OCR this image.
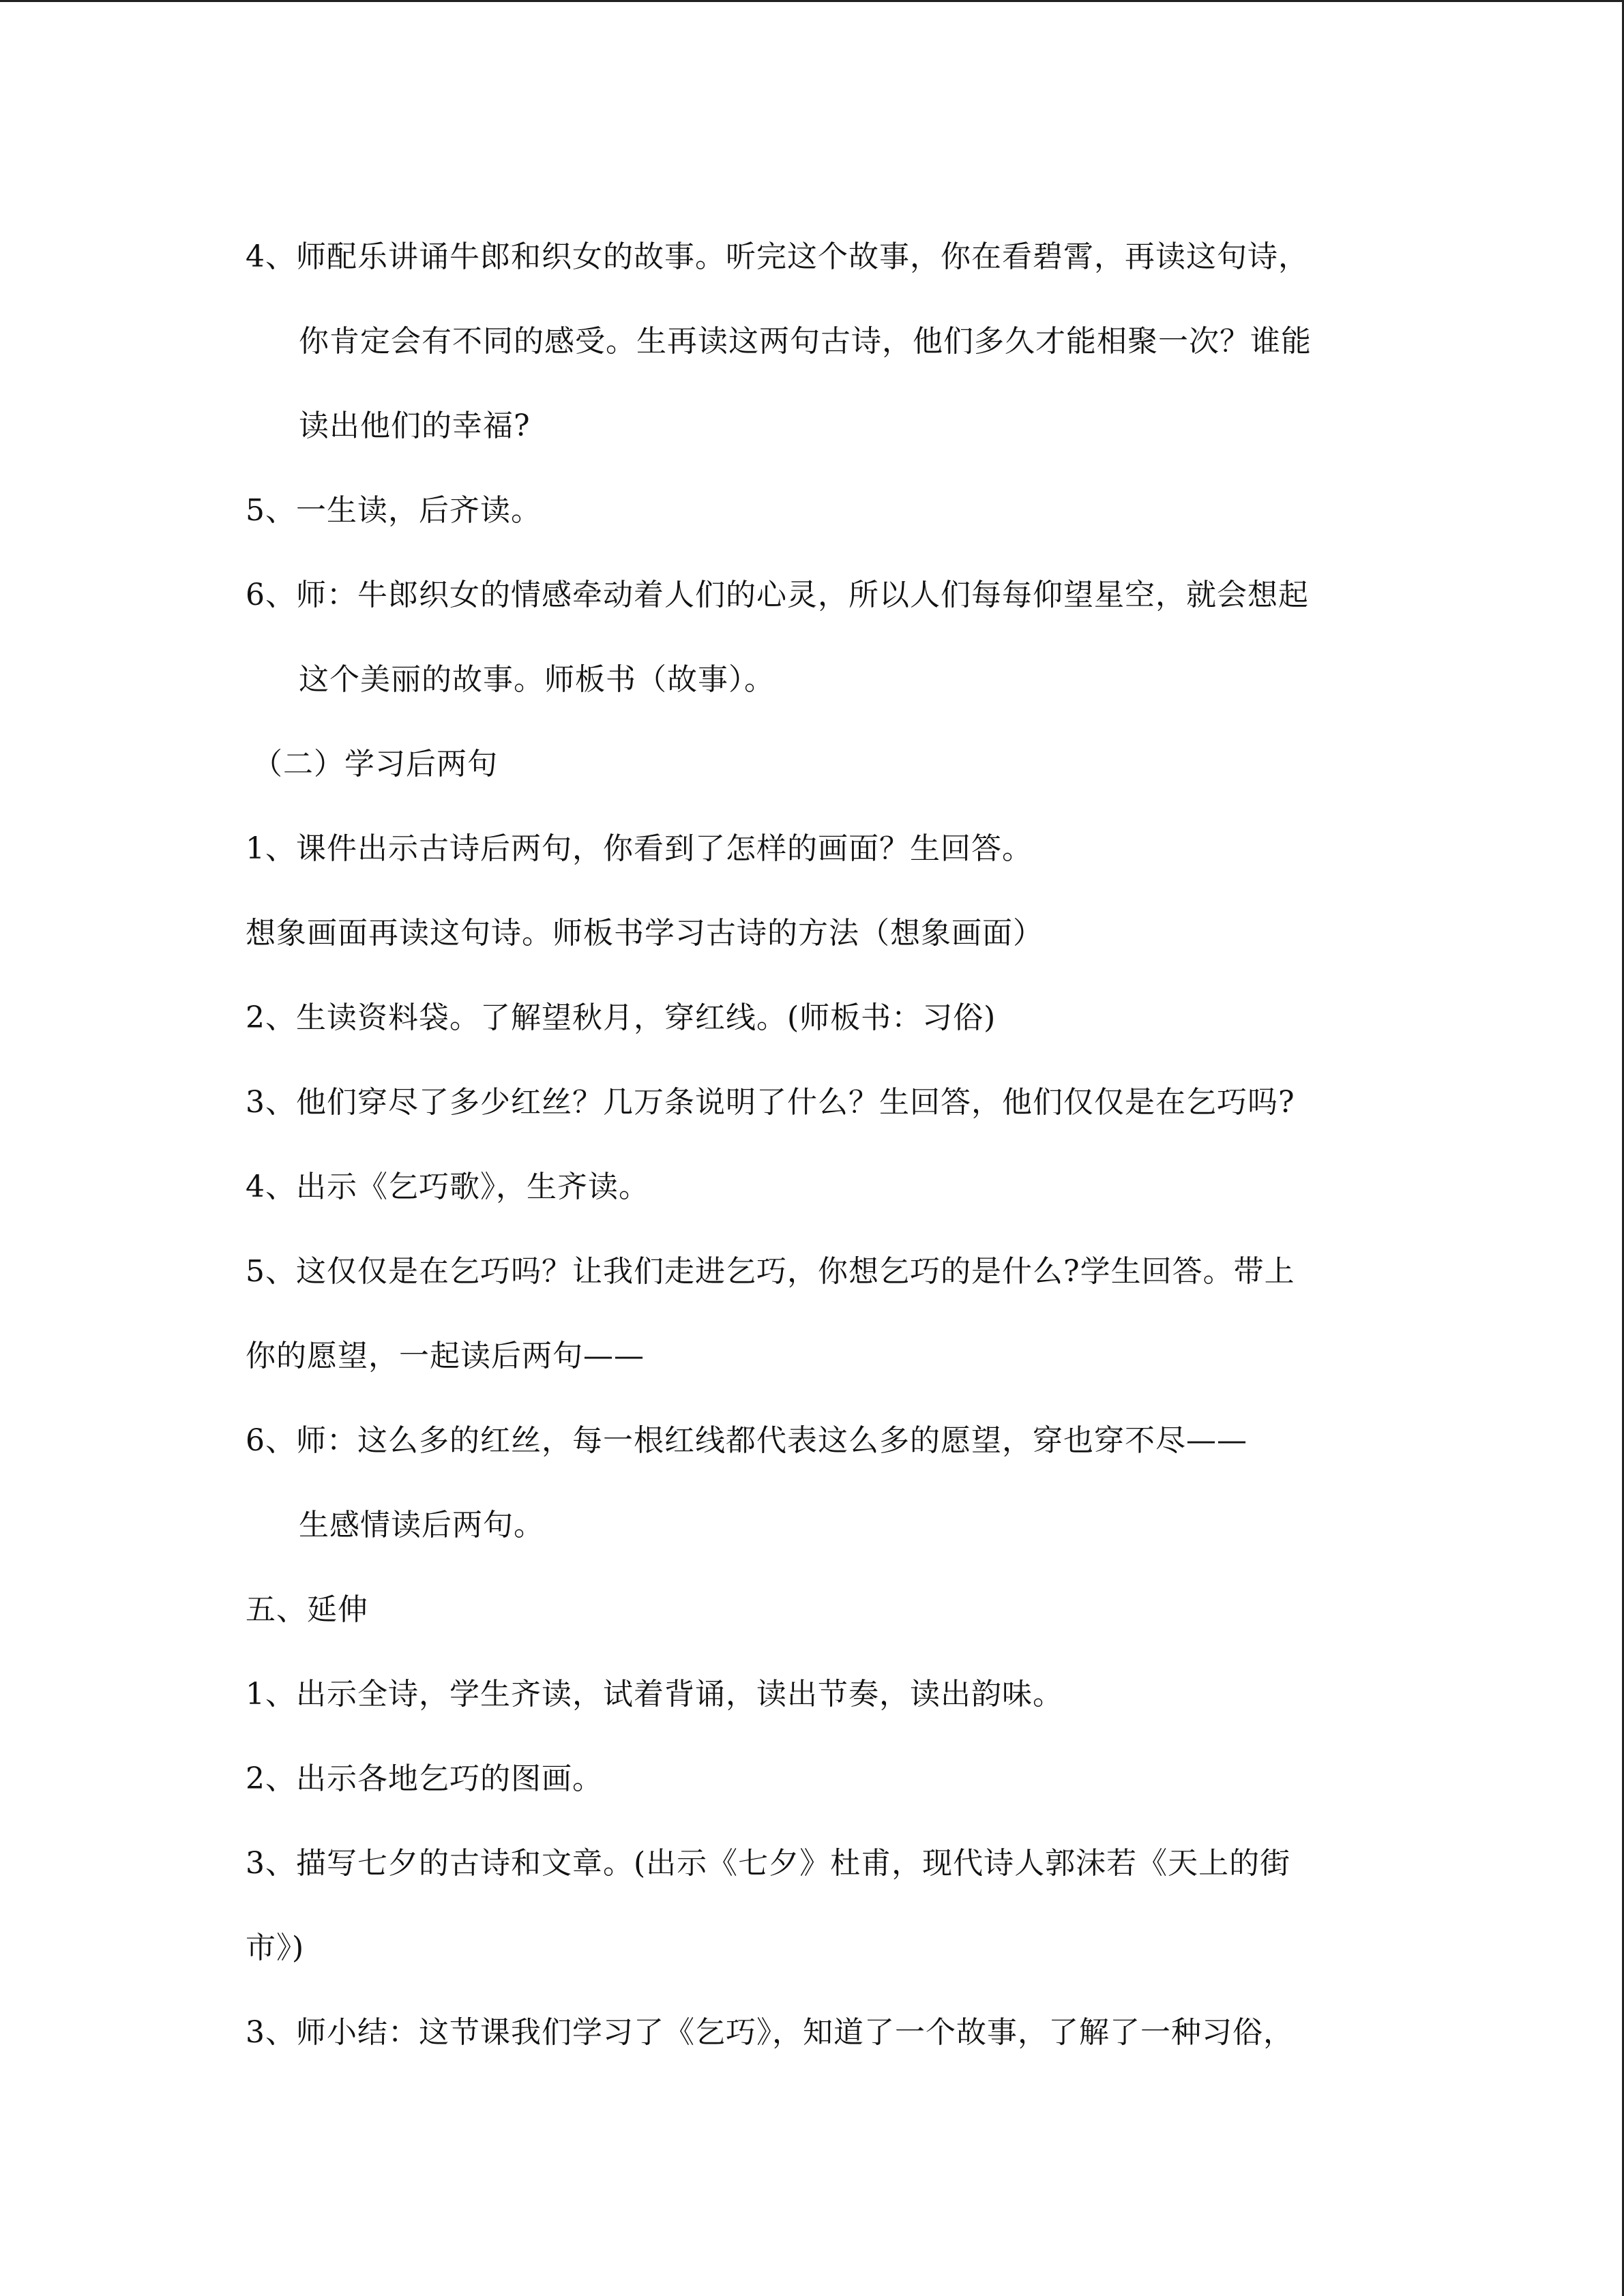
4、师配乐讲诵牛郎和织女的故事。听完这个故事，你在看碧霄，再读这句诗，
你肯定会有不同的感受。生再读这两句古诗，他们多久才能相聚一次？谁能
读出他们的幸福?
5、一生读，后齐读。
6、师：牛郎织女的情感牵动着人们的心灵，所以人们每每仰望星空，就会想起
这个美丽的故事。师板书（故事）。
（二）学习后两句
1、课件出示古诗后两句，你看到了怎样的画面？生回答。
想象画面再读这句诗。师板书学习古诗的方法（想象画面）
2、生读资料袋。了解望秋月，穿红线。(师板书：习俗)
3、他们穿尽了多少红丝？几万条说明了什么？生回答，他们仅仅是在乞巧吗?
4、出示《乞巧歌》，生齐读。
5、这仅仅是在乞巧吗？让我们走进乞巧，你想乞巧的是什么?学生回答。带上
你的愿望，一起读后两句——
6、师：这么多的红丝，每一根红线都代表这么多的愿望，穿也穿不尽——
生感情读后两句。
五、延伸
1、出示全诗，学生齐读，试着背诵，读出节奏，读出韵味。
2、出示各地乞巧的图画。
3、描写七夕的古诗和文章。(出示《七夕》杜甫，现代诗人郭沫若《天上的街
市》)
3、师小结：这节课我们学习了《乞巧》，知道了一个故事，了解了一种习俗，
